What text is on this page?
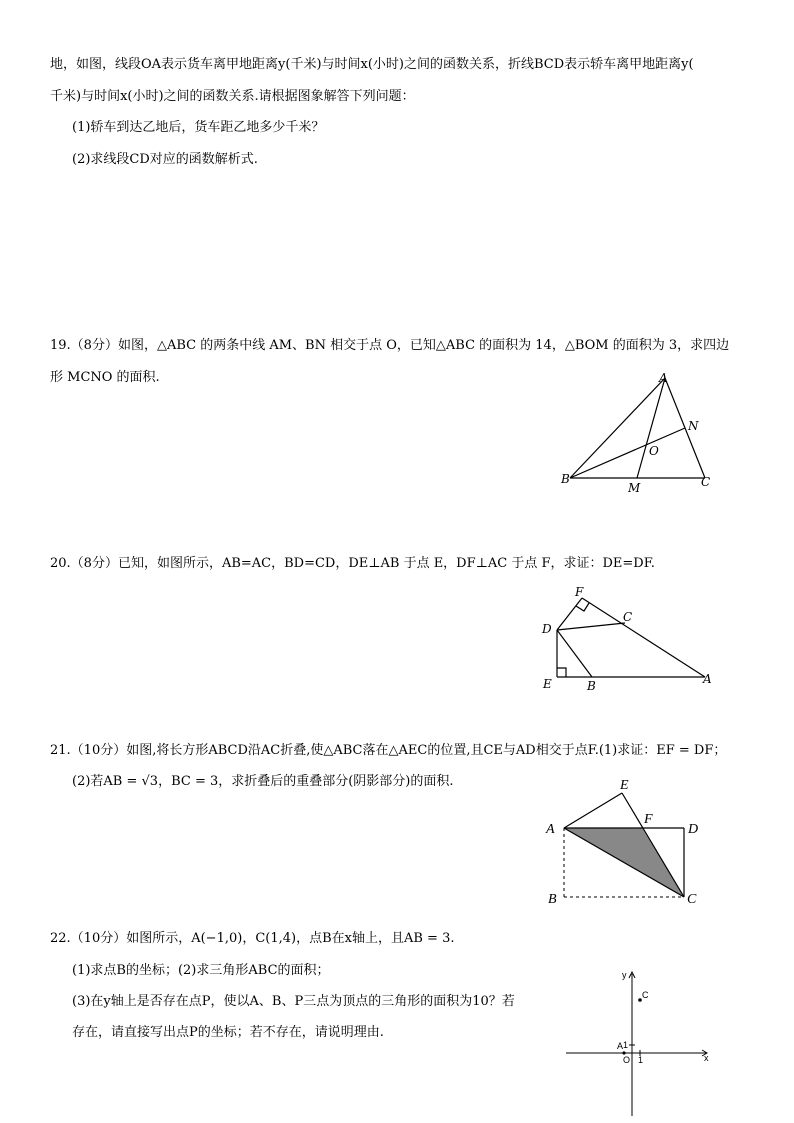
地，如图，线段OA表示货车离甲地距离y(千米)与时间x(小时)之间的函数关系，折线BCD表示轿车离甲地距离y(
千米)与时间x(小时)之间的函数关系.请根据图象解答下列问题：
(1)轿车到达乙地后，货车距乙地多少千米？
(2)求线段CD对应的函数解析式.
19.（8分）如图，△ABC 的两条中线 AM、BN 相交于点 O，已知△ABC 的面积为 14，△BOM 的面积为 3，求四边
形 MCNO 的面积.	A
N
O
B
M	C
20.（8分）已知，如图所示，AB=AC，BD=CD，DE⊥AB 于点 E，DF⊥AC 于点 F，求证：DE=DF.
F
C
D
E	B	A
21.（10分）如图,将长方形ABCD沿AC折叠,使△ABC落在△AEC的位置,且CE与AD相交于点F.(1)求证：EF = DF；
(2)若AB = √3，BC = 3，求折叠后的重叠部分(阴影部分)的面积.	E
A
F
D
B	C
22.（10分）如图所示，A(−1,0)，C(1,4)，点B在x轴上，且AB = 3.
(1)求点B的坐标；(2)求三角形ABC的面积；
(3)在y轴上是否存在点P，使以A、B、P三点为顶点的三角形的面积为10？若
存在，请直接写出点P的坐标；若不存在，请说明理由.
y
x
C
A
O
1
1
